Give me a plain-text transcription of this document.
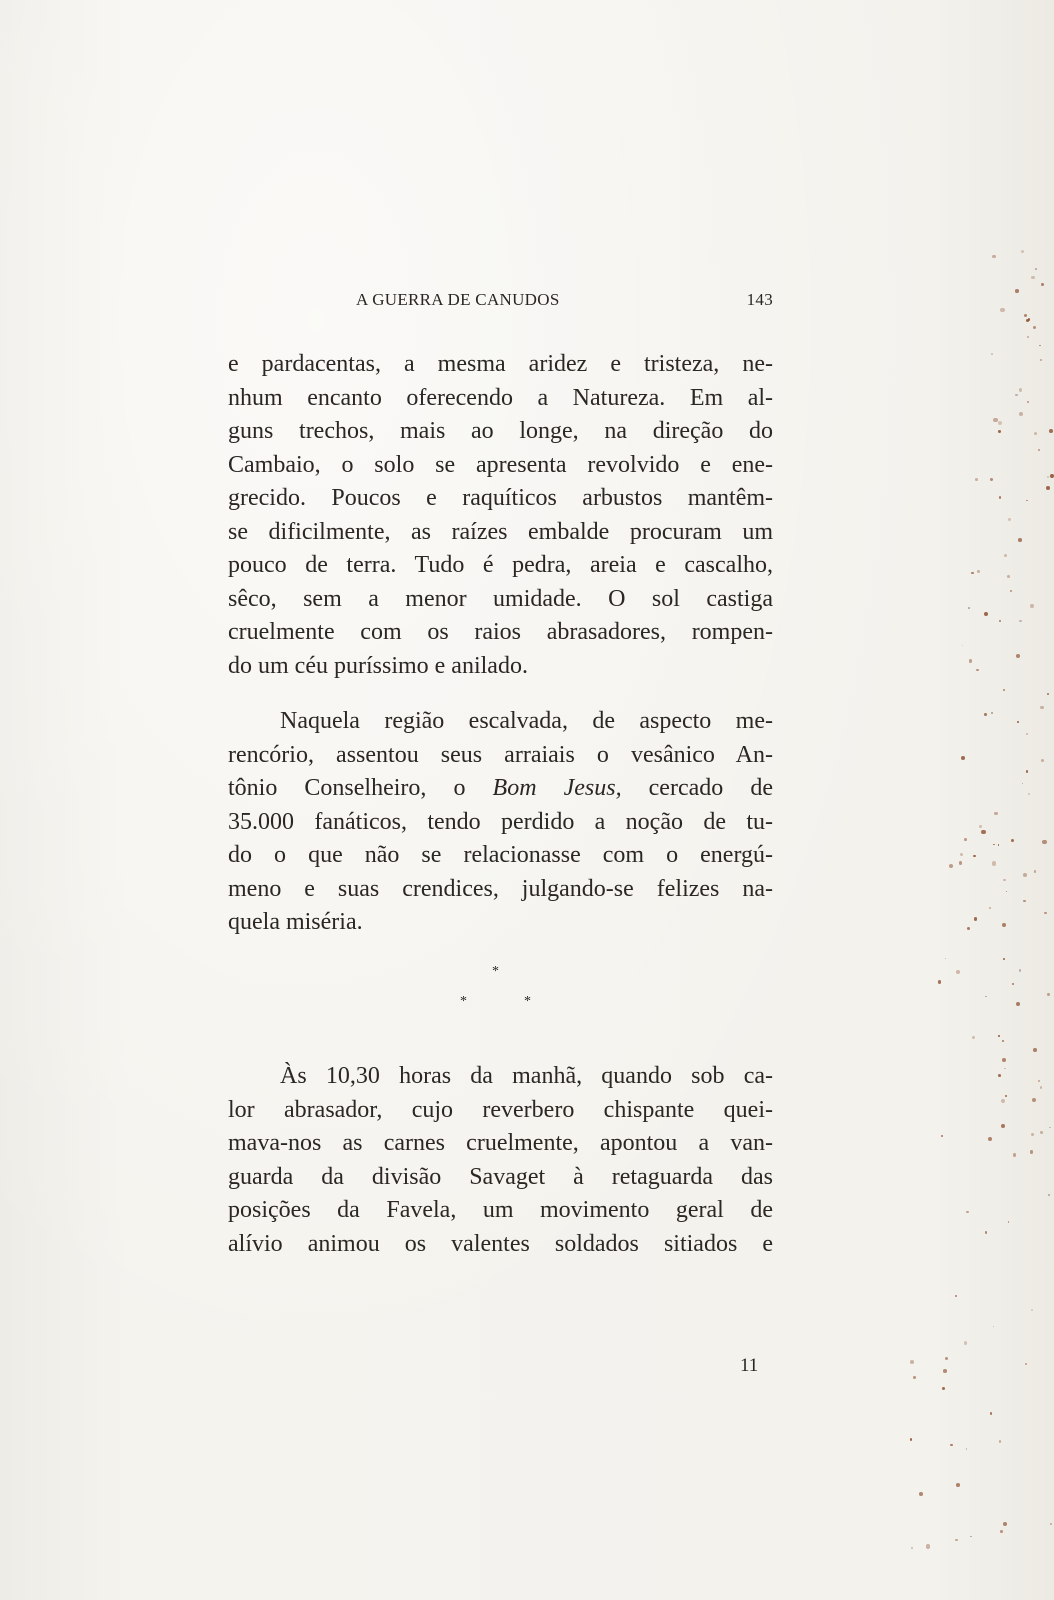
A GUERRA DE CANUDOS	143
e pardacentas, a mesma aridez e tristeza, ne-
nhum encanto oferecendo a Natureza. Em al-
guns trechos, mais ao longe, na direção do
Cambaio, o solo se apresenta revolvido e ene-
grecido. Poucos e raquíticos arbustos mantêm-
se dificilmente, as raízes embalde procuram um
pouco de terra. Tudo é pedra, areia e cascalho,
sêco, sem a menor umidade. O sol castiga
cruelmente com os raios abrasadores, rompen-
do um céu puríssimo e anilado.
Naquela região escalvada, de aspecto me-
rencório, assentou seus arraiais o vesânico An-
tônio Conselheiro, o Bom Jesus, cercado de
35.000 fanáticos, tendo perdido a noção de tu-
do o que não se relacionasse com o energú-
meno e suas crendices, julgando-se felizes na-
quela miséria.
*
*	*
Às 10,30 horas da manhã, quando sob ca-
lor abrasador, cujo reverbero chispante quei-
mava-nos as carnes cruelmente, apontou a van-
guarda da divisão Savaget à retaguarda das
posições da Favela, um movimento geral de
alívio animou os valentes soldados sitiados e
11
